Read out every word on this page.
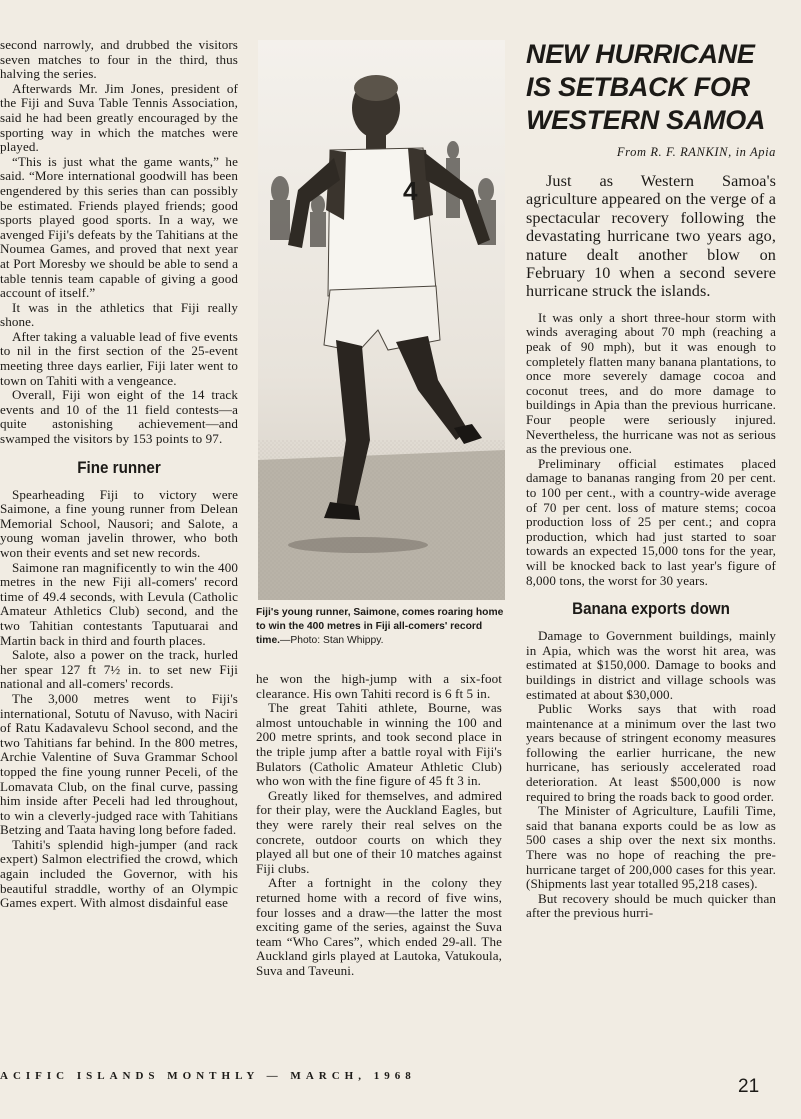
second narrowly, and drubbed the visitors seven matches to four in the third, thus halving the series.

Afterwards Mr. Jim Jones, president of the Fiji and Suva Table Tennis Association, said he had been greatly encouraged by the sporting way in which the matches were played.

“This is just what the game wants,” he said. “More international goodwill has been engendered by this series than can possibly be estimated. Friends played friends; good sports played good sports. In a way, we avenged Fiji's defeats by the Tahitians at the Noumea Games, and proved that next year at Port Moresby we should be able to send a table tennis team capable of giving a good account of itself.”

It was in the athletics that Fiji really shone.

After taking a valuable lead of five events to nil in the first section of the 25-event meeting three days earlier, Fiji later went to town on Tahiti with a vengeance.

Overall, Fiji won eight of the 14 track events and 10 of the 11 field contests—a quite astonishing achievement—and swamped the visitors by 153 points to 97.

Fine runner

Spearheading Fiji to victory were Saimone, a fine young runner from Delean Memorial School, Nausori; and Salote, a young woman javelin thrower, who both won their events and set new records.

Saimone ran magnificently to win the 400 metres in the new Fiji all-comers' record time of 49.4 seconds, with Levula (Catholic Amateur Athletics Club) second, and the two Tahitian contestants Taputuarai and Martin back in third and fourth places.

Salote, also a power on the track, hurled her spear 127 ft 7½ in. to set new Fiji national and all-comers' records.

The 3,000 metres went to Fiji's international, Sotutu of Navuso, with Naciri of Ratu Kadavalevu School second, and the two Tahitians far behind. In the 800 metres, Archie Valentine of Suva Grammar School topped the fine young runner Peceli, of the Lomavata Club, on the final curve, passing him inside after Peceli had led throughout, to win a cleverly-judged race with Tahitians Betzing and Taata having long before faded.

Tahiti's splendid high-jumper (and rack expert) Salmon electrified the crowd, which again included the Governor, with his beautiful straddle, worthy of an Olympic Games expert. With almost disdainful ease

4
Fiji's young runner, Saimone, comes roaring home to win the 400 metres in Fiji all-comers' record time.—Photo: Stan Whippy.

he won the high-jump with a six-foot clearance. His own Tahiti record is 6 ft 5 in.

The great Tahiti athlete, Bourne, was almost untouchable in winning the 100 and 200 metre sprints, and took second place in the triple jump after a battle royal with Fiji's Bulators (Catholic Amateur Athletic Club) who won with the fine figure of 45 ft 3 in.

Greatly liked for themselves, and admired for their play, were the Auckland Eagles, but they were rarely their real selves on the concrete, outdoor courts on which they played all but one of their 10 matches against Fiji clubs.

After a fortnight in the colony they returned home with a record of five wins, four losses and a draw—the latter the most exciting game of the series, against the Suva team “Who Cares”, which ended 29-all. The Auckland girls played at Lautoka, Vatukoula, Suva and Taveuni.

NEW HURRICANE IS SETBACK FOR WESTERN SAMOA
From R. F. RANKIN, in Apia

Just as Western Samoa's agriculture appeared on the verge of a spectacular recovery following the devastating hurricane two years ago, nature dealt another blow on February 10 when a second severe hurricane struck the islands.

It was only a short three-hour storm with winds averaging about 70 mph (reaching a peak of 90 mph), but it was enough to completely flatten many banana plantations, to once more severely damage cocoa and coconut trees, and do more damage to buildings in Apia than the previous hurricane. Four people were seriously injured. Nevertheless, the hurricane was not as serious as the previous one.

Preliminary official estimates placed damage to bananas ranging from 20 per cent. to 100 per cent., with a country-wide average of 70 per cent. loss of mature stems; cocoa production loss of 25 per cent.; and copra production, which had just started to soar towards an expected 15,000 tons for the year, will be knocked back to last year's figure of 8,000 tons, the worst for 30 years.

Banana exports down

Damage to Government buildings, mainly in Apia, which was the worst hit area, was estimated at $150,000. Damage to books and buildings in district and village schools was estimated at about $30,000.

Public Works says that with road maintenance at a minimum over the last two years because of stringent economy measures following the earlier hurricane, the new hurricane, has seriously accelerated road deterioration. At least $500,000 is now required to bring the roads back to good order.

The Minister of Agriculture, Laufili Time, said that banana exports could be as low as 500 cases a ship over the next six months. There was no hope of reaching the pre-hurricane target of 200,000 cases for this year. (Shipments last year totalled 95,218 cases).

But recovery should be much quicker than after the previous hurri-

ACIFIC ISLANDS MONTHLY — MARCH, 1968	21
